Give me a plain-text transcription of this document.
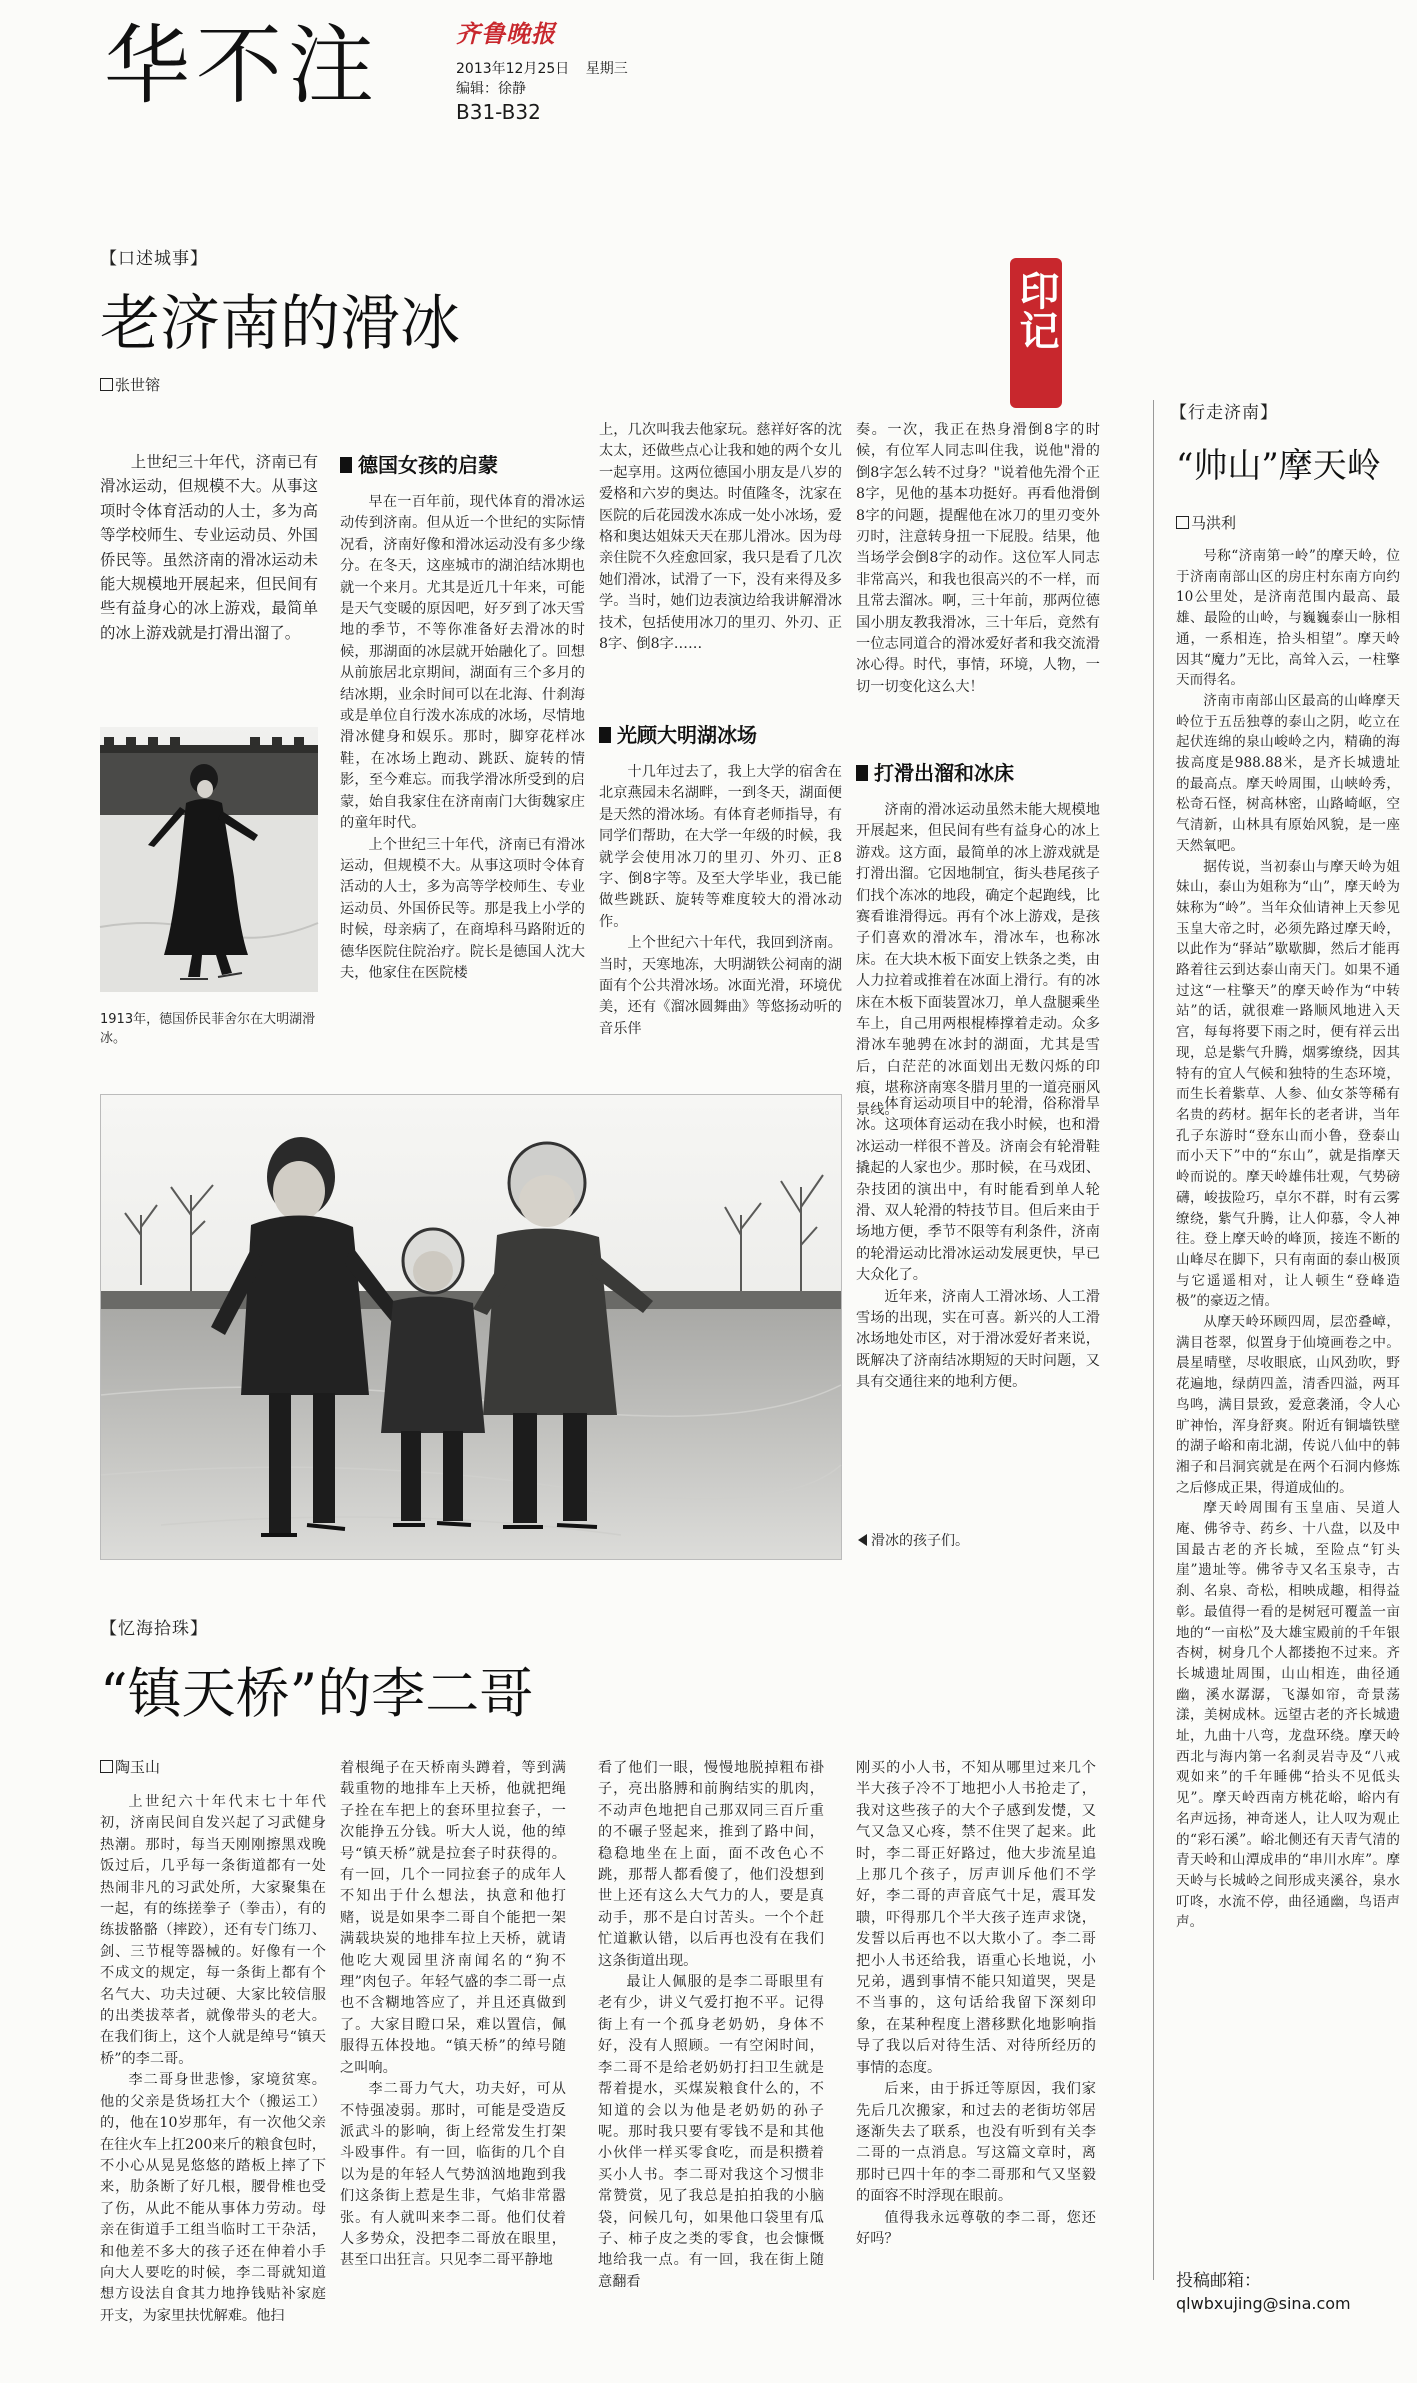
华不注	齐鲁晚报
2013年12月25日 星期三
编辑：徐静
B31-B32
【口述城事】
老济南的滑冰
张世镕
印记

上世纪三十年代，济南已有滑冰运动，但规模不大。从事这项时令体育活动的人士，多为高等学校师生、专业运动员、外国侨民等。虽然济南的滑冰运动未能大规模地开展起来，但民间有些有益身心的冰上游戏，最简单的冰上游戏就是打滑出溜了。

1913年，德国侨民菲舍尔在大明湖滑冰。
德国女孩的启蒙

早在一百年前，现代体育的滑冰运动传到济南。但从近一个世纪的实际情况看，济南好像和滑冰运动没有多少缘分。在冬天，这座城市的湖泊结冰期也就一个来月。尤其是近几十年来，可能是天气变暖的原因吧，好歹到了冰天雪地的季节，不等你准备好去滑冰的时候，那湖面的冰层就开始融化了。回想从前旅居北京期间，湖面有三个多月的结冰期，业余时间可以在北海、什刹海或是单位自行泼水冻成的冰场，尽情地滑冰健身和娱乐。那时，脚穿花样冰鞋，在冰场上跑动、跳跃、旋转的情影，至今难忘。而我学滑冰所受到的启蒙，始自我家住在济南南门大街魏家庄的童年时代。

上个世纪三十年代，济南已有滑冰运动，但规模不大。从事这项时令体育活动的人士，多为高等学校师生、专业运动员、外国侨民等。那是我上小学的时候，母亲病了，在商埠科马路附近的德华医院住院治疗。院长是德国人沈大夫，他家住在医院楼

上，几次叫我去他家玩。慈祥好客的沈太太，还做些点心让我和她的两个女儿一起享用。这两位德国小朋友是八岁的爱格和六岁的奥达。时值隆冬，沈家在医院的后花园泼水冻成一处小冰场，爱格和奥达姐妹天天在那儿滑冰。因为母亲住院不久痊愈回家，我只是看了几次她们滑冰，试滑了一下，没有来得及多学。当时，她们边表演边给我讲解滑冰技术，包括使用冰刀的里刃、外刃、正8字、倒8字……

光顾大明湖冰场

十几年过去了，我上大学的宿舍在北京燕园未名湖畔，一到冬天，湖面便是天然的滑冰场。有体育老师指导，有同学们帮助，在大学一年级的时候，我就学会使用冰刀的里刃、外刃、正8字、倒8字等。及至大学毕业，我已能做些跳跃、旋转等难度较大的滑冰动作。

上个世纪六十年代，我回到济南。当时，天寒地冻，大明湖铁公祠南的湖面有个公共滑冰场。冰面光滑，环境优美，还有《溜冰圆舞曲》等悠扬动听的音乐伴

奏。一次，我正在热身滑倒8字的时候，有位军人同志叫住我，说他"滑的倒8字怎么转不过身？"说着他先滑个正8字，见他的基本功挺好。再看他滑倒8字的问题，提醒他在冰刀的里刃变外刃时，注意转身扭一下屁股。结果，他当场学会倒8字的动作。这位军人同志非常高兴，和我也很高兴的不一样，而且常去溜冰。啊，三十年前，那两位德国小朋友教我滑冰，三十年后，竟然有一位志同道合的滑冰爱好者和我交流滑冰心得。时代，事情，环境，人物，一切一切变化这么大！

打滑出溜和冰床

济南的滑冰运动虽然未能大规模地开展起来，但民间有些有益身心的冰上游戏。这方面，最简单的冰上游戏就是打滑出溜。它因地制宜，街头巷尾孩子们找个冻冰的地段，确定个起跑线，比赛看谁滑得远。再有个冰上游戏，是孩子们喜欢的滑冰车，滑冰车，也称冰床。在大块木板下面安上铁条之类，由人力拉着或推着在冰面上滑行。有的冰床在木板下面装置冰刀，单人盘腿乘坐车上，自己用两根棍棒撑着走动。众多滑冰车驰骋在冰封的湖面，尤其是雪后，白茫茫的冰面划出无数闪烁的印痕，堪称济南寒冬腊月里的一道亮丽风景线。

体育运动项目中的轮滑，俗称滑旱冰。这项体育运动在我小时候，也和滑冰运动一样很不普及。济南会有轮滑鞋撬起的人家也少。那时候，在马戏团、杂技团的演出中，有时能看到单人轮滑、双人轮滑的特技节目。但后来由于场地方便，季节不限等有利条件，济南的轮滑运动比滑冰运动发展更快，早已大众化了。

近年来，济南人工滑冰场、人工滑雪场的出现，实在可喜。新兴的人工滑冰场地处市区，对于滑冰爱好者来说，既解决了济南结冰期短的天时问题，又具有交通往来的地利方便。

滑冰的孩子们。
【行走济南】
“帅山”摩天岭
马洪利

号称“济南第一岭”的摩天岭，位于济南南部山区的房庄村东南方向约10公里处，是济南范围内最高、最雄、最险的山岭，与巍巍泰山一脉相通，一系相连，拾头相望”。摩天岭因其“魔力”无比，高耸入云，一柱擎天而得名。

济南市南部山区最高的山峰摩天岭位于五岳独尊的泰山之阴，屹立在起伏连绵的泉山峻岭之内，精确的海拔高度是988.88米，是齐长城遗址的最高点。摩天岭周围，山峡岭秀，松奇石怪，树高林密，山路崎岖，空气清新，山林具有原始风貌，是一座天然氧吧。

据传说，当初泰山与摩天岭为姐妹山，泰山为姐称为“山”，摩天岭为妹称为“岭”。当年众仙请神上天参见玉皇大帝之时，必须先路过摩天岭，以此作为“驿站”歇歇脚，然后才能再路着往云到达泰山南天门。如果不通过这“一柱擎天”的摩天岭作为“中转站”的话，就很难一路顺风地进入天宫，每每将要下雨之时，便有祥云出现，总是紫气升腾，烟雾缭绕，因其特有的宜人气候和独特的生态环境，而生长着紫草、人参、仙女茶等稀有名贵的药材。据年长的老者讲，当年孔子东游时“登东山而小鲁，登泰山而小天下”中的“东山”，就是指摩天岭而说的。摩天岭雄伟壮观，气势磅礴，峻拔险巧，卓尔不群，时有云雾缭绕，紫气升腾，让人仰慕，令人神往。登上摩天岭的峰顶，接连不断的山峰尽在脚下，只有南面的泰山极顶与它遥遥相对，让人顿生“登峰造极”的豪迈之情。

从摩天岭环顾四周，层峦叠嶂，满目苍翠，似置身于仙境画卷之中。晨星晴壁，尽收眼底，山风劲吹，野花遍地，绿荫四盖，清香四溢，两耳鸟鸣，满目景致，爱意袭涌，令人心旷神怡，浑身舒爽。附近有铜墙铁壁的湖子峪和南北湖，传说八仙中的韩湘子和吕洞宾就是在两个石洞内修炼之后修成正果，得道成仙的。

摩天岭周围有玉皇庙、吴道人庵、佛爷寺、药乡、十八盘，以及中国最古老的齐长城，至险点“钉头崖”遗址等。佛爷寺又名玉泉寺，古刹、名泉、奇松，相映成趣，相得益彰。最值得一看的是树冠可覆盖一亩地的“一亩松”及大雄宝殿前的千年银杏树，树身几个人都搂抱不过来。齐长城遗址周围，山山相连，曲径通幽，溪水潺潺，飞瀑如帘，奇景荡漾，美树成林。远望古老的齐长城遗址，九曲十八弯，龙盘环绕。摩天岭西北与海内第一名刹灵岩寺及“八戒观如来”的千年睡佛“拾头不见低头见”。摩天岭西南方桃花峪，峪内有名声远扬，神奇迷人，让人叹为观止的“彩石溪”。峪北侧还有天青气清的青天岭和山潭成串的“串川水库”。摩天岭与长城岭之间形成夹溪谷，泉水叮咚，水流不停，曲径通幽，鸟语声声。

投稿邮箱：
qlwbxujing@sina.com
【忆海拾珠】
“镇天桥”的李二哥
陶玉山

上世纪六十年代末七十年代初，济南民间自发兴起了习武健身热潮。那时，每当天刚刚擦黑戏晚饭过后，几乎每一条街道都有一处热闹非凡的习武处所，大家聚集在一起，有的练搓拳子（拳击），有的练拔骼骼（摔跤），还有专门练刀、剑、三节棍等器械的。好像有一个不成文的规定，每一条街上都有个名气大、功夫过硬、大家比较信服的出类拔萃者，就像带头的老大。在我们街上，这个人就是绰号“镇天桥”的李二哥。

李二哥身世悲惨，家境贫寒。他的父亲是货场扛大个（搬运工）的，他在10岁那年，有一次他父亲在往火车上扛200来斤的粮食包时，不小心从晃晃悠悠的踏板上摔了下来，肋条断了好几根，腰骨椎也受了伤，从此不能从事体力劳动。母亲在街道手工组当临时工干杂活，和他差不多大的孩子还在伸着小手向大人要吃的时候，李二哥就知道想方设法自食其力地挣钱贴补家庭开支，为家里扶忧解难。他扫

着根绳子在天桥南头蹲着，等到满载重物的地排车上天桥，他就把绳子拴在车把上的套环里拉套子，一次能挣五分钱。听大人说，他的绰号“镇天桥”就是拉套子时获得的。有一回，几个一同拉套子的成年人不知出于什么想法，执意和他打赌，说是如果李二哥自个能把一架满载块炭的地排车拉上天桥，就请他吃大观园里济南闻名的“狗不理”肉包子。年轻气盛的李二哥一点也不含糊地答应了，并且还真做到了。大家目瞪口呆，难以置信，佩服得五体投地。“镇天桥”的绰号随之叫响。

李二哥力气大，功夫好，可从不恃强凌弱。那时，可能是受造反派武斗的影响，街上经常发生打架斗殴事件。有一回，临街的几个自以为是的年轻人气势汹汹地跑到我们这条街上惹是生非，气焰非常嚣张。有人就叫来李二哥。他们仗着人多势众，没把李二哥放在眼里，甚至口出狂言。只见李二哥平静地

看了他们一眼，慢慢地脱掉粗布褂子，亮出胳膊和前胸结实的肌肉，不动声色地把自己那双同三百斤重的不碾子竖起来，推到了路中间，稳稳地坐在上面，面不改色心不跳，那帮人都看傻了，他们没想到世上还有这么大气力的人，要是真动手，那不是白讨苦头。一个个赶忙道歉认错，以后再也没有在我们这条街道出现。

最让人佩服的是李二哥眼里有老有少，讲义气爱打抱不平。记得街上有一个孤身老奶奶，身体不好，没有人照顾。一有空闲时间，李二哥不是给老奶奶打扫卫生就是帮着提水，买煤炭粮食什么的，不知道的会以为他是老奶奶的孙子呢。那时我只要有零钱不是和其他小伙伴一样买零食吃，而是积攒着买小人书。李二哥对我这个习惯非常赞赏，见了我总是拍拍我的小脑袋，问候几句，如果他口袋里有瓜子、柿子皮之类的零食，也会慷慨地给我一点。有一回，我在街上随意翻看

刚买的小人书，不知从哪里过来几个半大孩子冷不丁地把小人书抢走了，我对这些孩子的大个子感到发憷，又气又急又心疼，禁不住哭了起来。此时，李二哥正好路过，他大步流星追上那几个孩子，厉声训斥他们不学好，李二哥的声音底气十足，震耳发聩，吓得那几个半大孩子连声求饶，发誓以后再也不以大欺小了。李二哥把小人书还给我，语重心长地说，小兄弟，遇到事情不能只知道哭，哭是不当事的，这句话给我留下深刻印象，在某种程度上潜移默化地影响指导了我以后对待生活、对待所经历的事情的态度。

后来，由于拆迁等原因，我们家先后几次搬家，和过去的老街坊邻居逐渐失去了联系，也没有听到有关李二哥的一点消息。写这篇文章时，离那时已四十年的李二哥那和气又坚毅的面容不时浮现在眼前。

值得我永远尊敬的李二哥，您还好吗？
